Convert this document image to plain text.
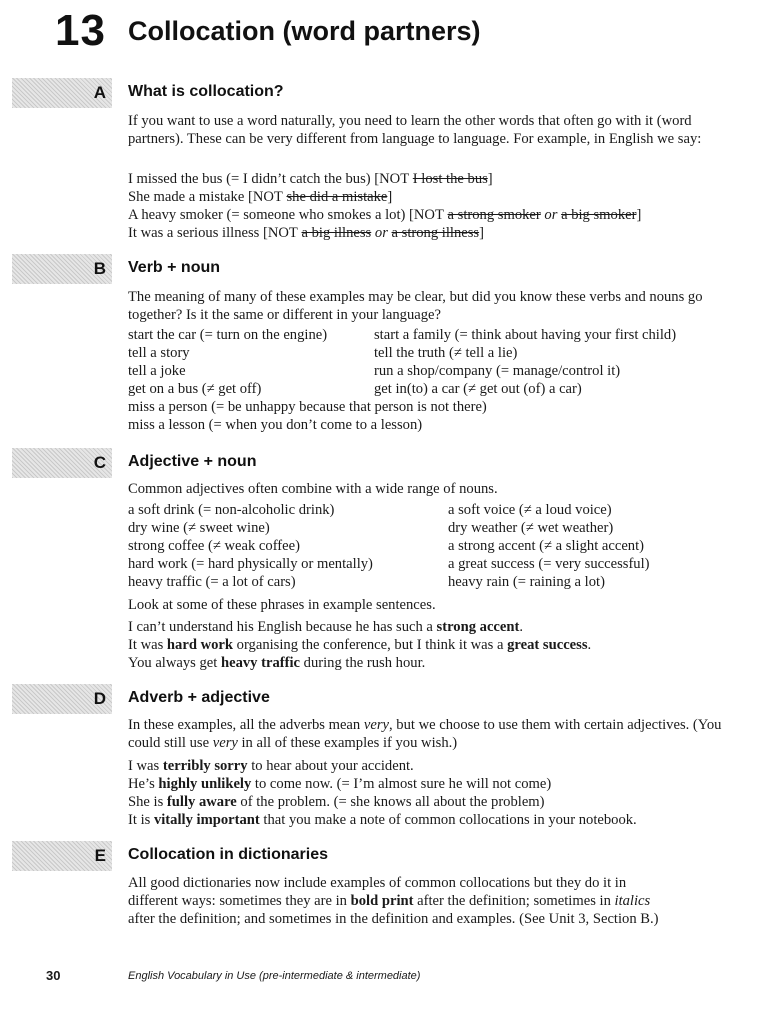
13 Collocation (word partners)
A	What is collocation?
If you want to use a word naturally, you need to learn the other words that often go with it (word partners). These can be very different from language to language. For example, in English we say:
I missed the bus (= I didn’t catch the bus) [NOT I lost the bus]
She made a mistake [NOT she did a mistake]
A heavy smoker (= someone who smokes a lot) [NOT a strong smoker or a big smoker]
It was a serious illness [NOT a big illness or a strong illness]
B	Verb + noun
The meaning of many of these examples may be clear, but did you know these verbs and nouns go together? Is it the same or different in your language?
start the car (= turn on the engine)	start a family (= think about having your first child)
tell a story	tell the truth (≠ tell a lie)
tell a joke	run a shop/company (= manage/control it)
get on a bus (≠ get off)	get in(to) a car (≠ get out (of) a car)
miss a person (= be unhappy because that person is not there)
miss a lesson (= when you don’t come to a lesson)
C	Adjective + noun
Common adjectives often combine with a wide range of nouns.
a soft drink (= non-alcoholic drink)	a soft voice (≠ a loud voice)
dry wine (≠ sweet wine)	dry weather (≠ wet weather)
strong coffee (≠ weak coffee)	a strong accent (≠ a slight accent)
hard work (= hard physically or mentally)	a great success (= very successful)
heavy traffic (= a lot of cars)	heavy rain (= raining a lot)
Look at some of these phrases in example sentences.
I can’t understand his English because he has such a strong accent.
It was hard work organising the conference, but I think it was a great success.
You always get heavy traffic during the rush hour.
D	Adverb + adjective
In these examples, all the adverbs mean very, but we choose to use them with certain adjectives. (You could still use very in all of these examples if you wish.)
I was terribly sorry to hear about your accident.
He’s highly unlikely to come now. (= I’m almost sure he will not come)
She is fully aware of the problem. (= she knows all about the problem)
It is vitally important that you make a note of common collocations in your notebook.
E	Collocation in dictionaries
All good dictionaries now include examples of common collocations but they do it in
different ways: sometimes they are in bold print after the definition; sometimes in italics
after the definition; and sometimes in the definition and examples. (See Unit 3, Section B.)
30	English Vocabulary in Use (pre-intermediate & intermediate)
